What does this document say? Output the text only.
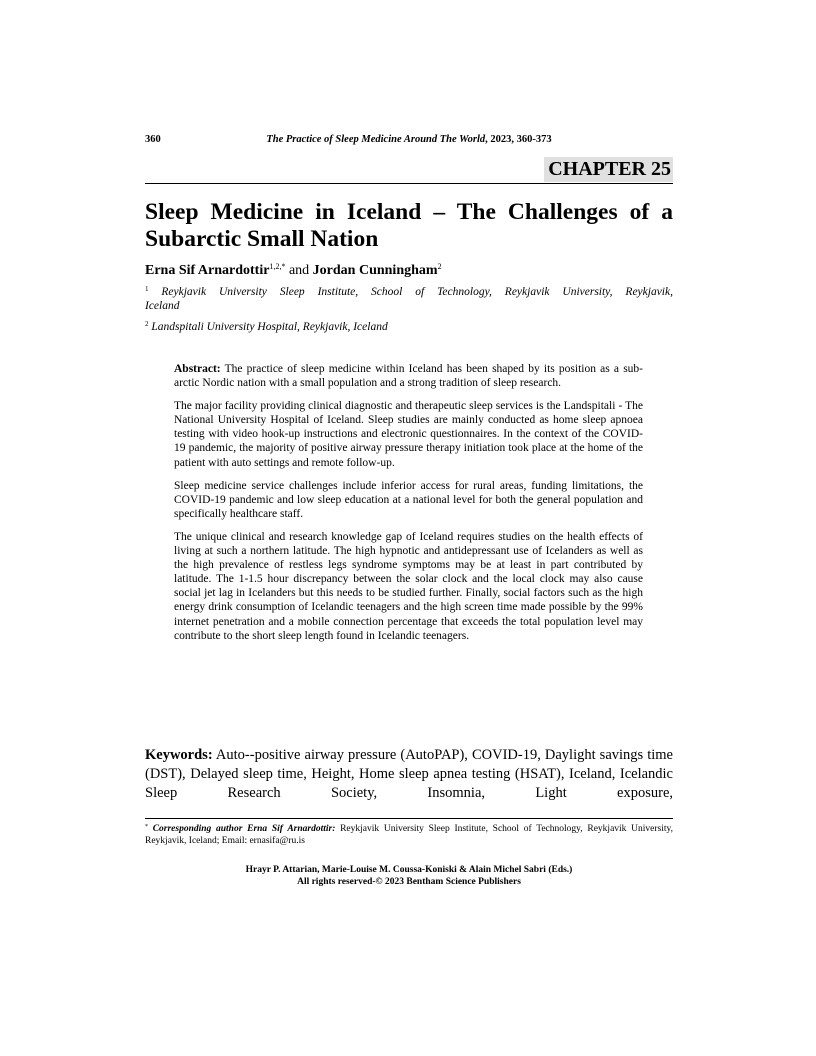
360	The Practice of Sleep Medicine Around The World, 2023, 360-373
CHAPTER 25
Sleep Medicine in Iceland – The Challenges of a
Subarctic Small Nation
Erna Sif Arnardottir$^{1,2,*}$ and Jordan Cunningham$^2$
$^1$ Reykjavik University Sleep Institute, School of Technology, Reykjavik University, Reykjavik,
Iceland
$^2$ Landspitali University Hospital, Reykjavik, Iceland

Abstract: The practice of sleep medicine within Iceland has been shaped by its position as a sub-arctic Nordic nation with a small population and a strong tradition of sleep research.

The major facility providing clinical diagnostic and therapeutic sleep services is the Landspitali - The National University Hospital of Iceland. Sleep studies are mainly conducted as home sleep apnoea testing with video hook-up instructions and electronic questionnaires. In the context of the COVID-19 pandemic, the majority of positive airway pressure therapy initiation took place at the home of the patient with auto settings and remote follow-up.

Sleep medicine service challenges include inferior access for rural areas, funding limitations, the COVID-19 pandemic and low sleep education at a national level for both the general population and specifically healthcare staff.

The unique clinical and research knowledge gap of Iceland requires studies on the health effects of living at such a northern latitude. The high hypnotic and antidepressant use of Icelanders as well as the high prevalence of restless legs syndrome symptoms may be at least in part contributed by latitude. The 1-1.5 hour discrepancy between the solar clock and the local clock may also cause social jet lag in Icelanders but this needs to be studied further. Finally, social factors such as the high energy drink consumption of Icelandic teenagers and the high screen time made possible by the 99% internet penetration and a mobile connection percentage that exceeds the total population level may contribute to the short sleep length found in Icelandic teenagers.

Keywords: Auto--positive airway pressure (AutoPAP), COVID-19, Daylight savings time (DST), Delayed sleep time, Height, Home sleep apnea testing (HSAT), Iceland, Icelandic Sleep Research Society, Insomnia, Light exposure,
* Corresponding author Erna Sif Arnardottir: Reykjavik University Sleep Institute, School of Technology, Reykjavik University, Reykjavik, Iceland; Email: ernasifa@ru.is
Hrayr P. Attarian, Marie-Louise M. Coussa-Koniski & Alain Michel Sabri (Eds.)
All rights reserved-© 2023 Bentham Science Publishers
